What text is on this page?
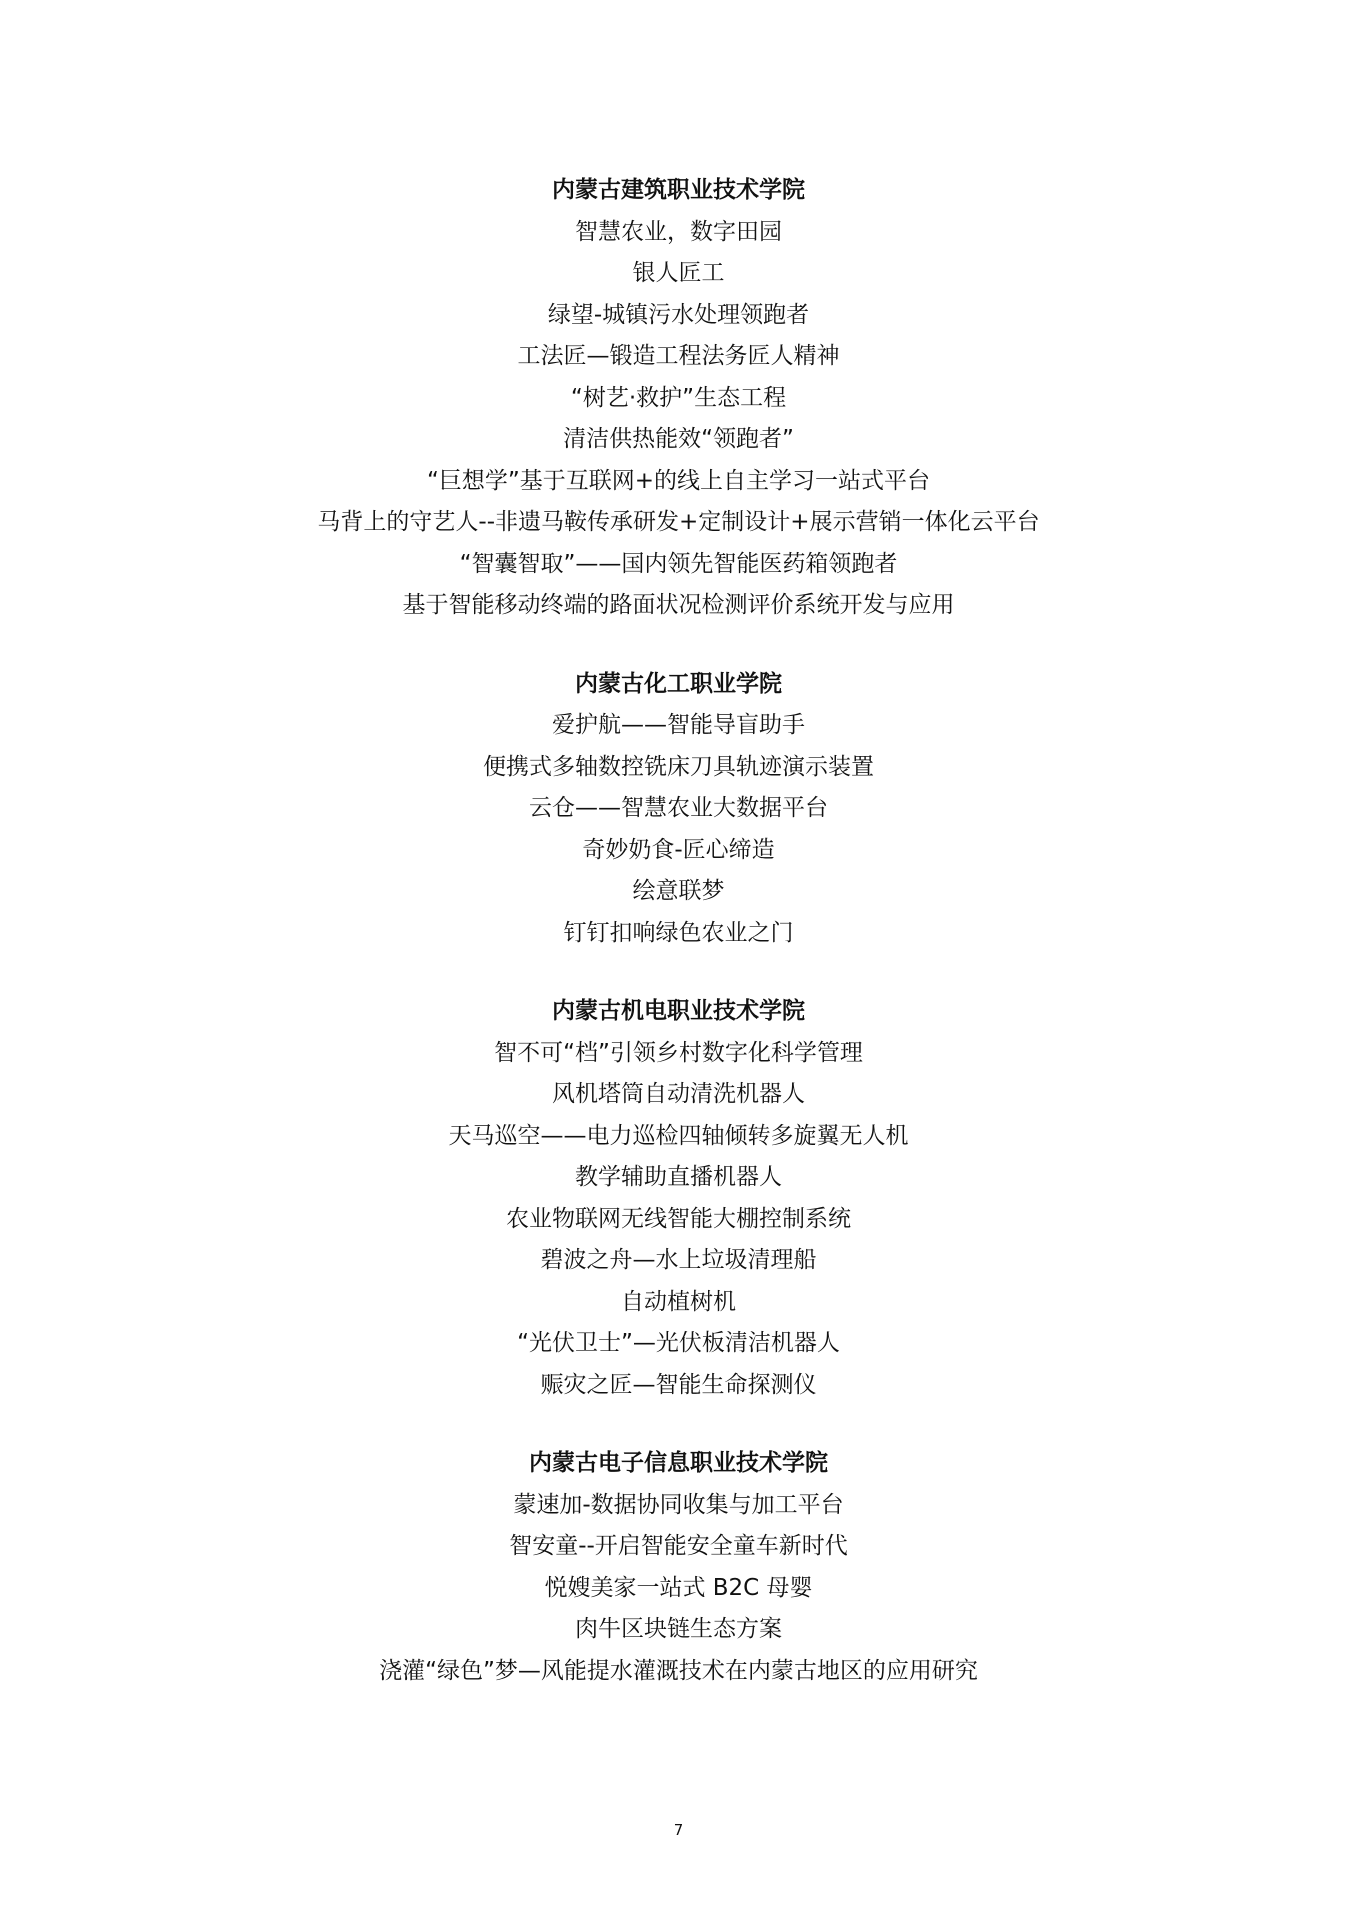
内蒙古建筑职业技术学院
智慧农业，数字田园
银人匠工
绿望-城镇污水处理领跑者
工法匠—锻造工程法务匠人精神
“树艺·救护”生态工程
清洁供热能效“领跑者”
“巨想学”基于互联网+的线上自主学习一站式平台
马背上的守艺人--非遗马鞍传承研发+定制设计+展示营销一体化云平台
“智囊智取”——国内领先智能医药箱领跑者
基于智能移动终端的路面状况检测评价系统开发与应用
内蒙古化工职业学院
爱护航——智能导盲助手
便携式多轴数控铣床刀具轨迹演示装置
云仓——智慧农业大数据平台
奇妙奶食-匠心缔造
绘意联梦
钉钉扣响绿色农业之门
内蒙古机电职业技术学院
智不可“档”引领乡村数字化科学管理
风机塔筒自动清洗机器人
天马巡空——电力巡检四轴倾转多旋翼无人机
教学辅助直播机器人
农业物联网无线智能大棚控制系统
碧波之舟—水上垃圾清理船
自动植树机
“光伏卫士”—光伏板清洁机器人
赈灾之匠—智能生命探测仪
内蒙古电子信息职业技术学院
蒙速加-数据协同收集与加工平台
智安童--开启智能安全童车新时代
悦嫂美家一站式 B2C 母婴
肉牛区块链生态方案
浇灌“绿色”梦—风能提水灌溉技术在内蒙古地区的应用研究
7
